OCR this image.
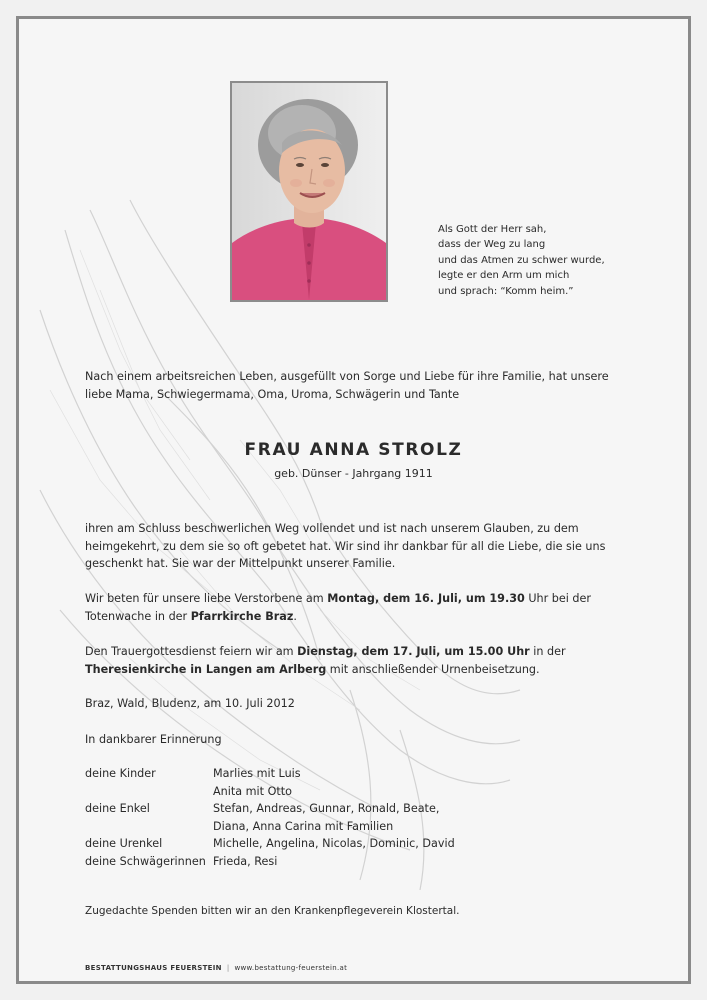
Als Gott der Herr sah,
dass der Weg zu lang
und das Atmen zu schwer wurde,
legte er den Arm um mich
und sprach: “Komm heim.”
Nach einem arbeitsreichen Leben, ausgefüllt von Sorge und Liebe für ihre Familie, hat unsere liebe Mama, Schwiegermama, Oma, Uroma, Schwägerin und Tante
FRAU ANNA STROLZ
geb. Dünser - Jahrgang 1911
ihren am Schluss beschwerlichen Weg vollendet und ist nach unserem Glauben, zu dem heimgekehrt, zu dem sie so oft gebetet hat. Wir sind ihr dankbar für all die Liebe, die sie uns geschenkt hat. Sie war der Mittelpunkt unserer Familie.
Wir beten für unsere liebe Verstorbene am Montag, dem 16. Juli, um 19.30 Uhr bei der Totenwache in der Pfarrkirche Braz.
Den Trauergottesdienst feiern wir am Dienstag, dem 17. Juli, um 15.00 Uhr in der Theresienkirche in Langen am Arlberg mit anschließender Urnenbeisetzung.
Braz, Wald, Bludenz, am 10. Juli 2012
In dankbarer Erinnerung
deine Kinder	Marlies mit Luis
Anita mit Otto
deine Enkel	Stefan, Andreas, Gunnar, Ronald, Beate,
Diana, Anna Carina mit Familien
deine Urenkel	Michelle, Angelina, Nicolas, Dominic, David
deine Schwägerinnen Frieda, Resi
Zugedachte Spenden bitten wir an den Krankenpflegeverein Klostertal.
BESTATTUNGSHAUS FEUERSTEIN | www.bestattung-feuerstein.at
